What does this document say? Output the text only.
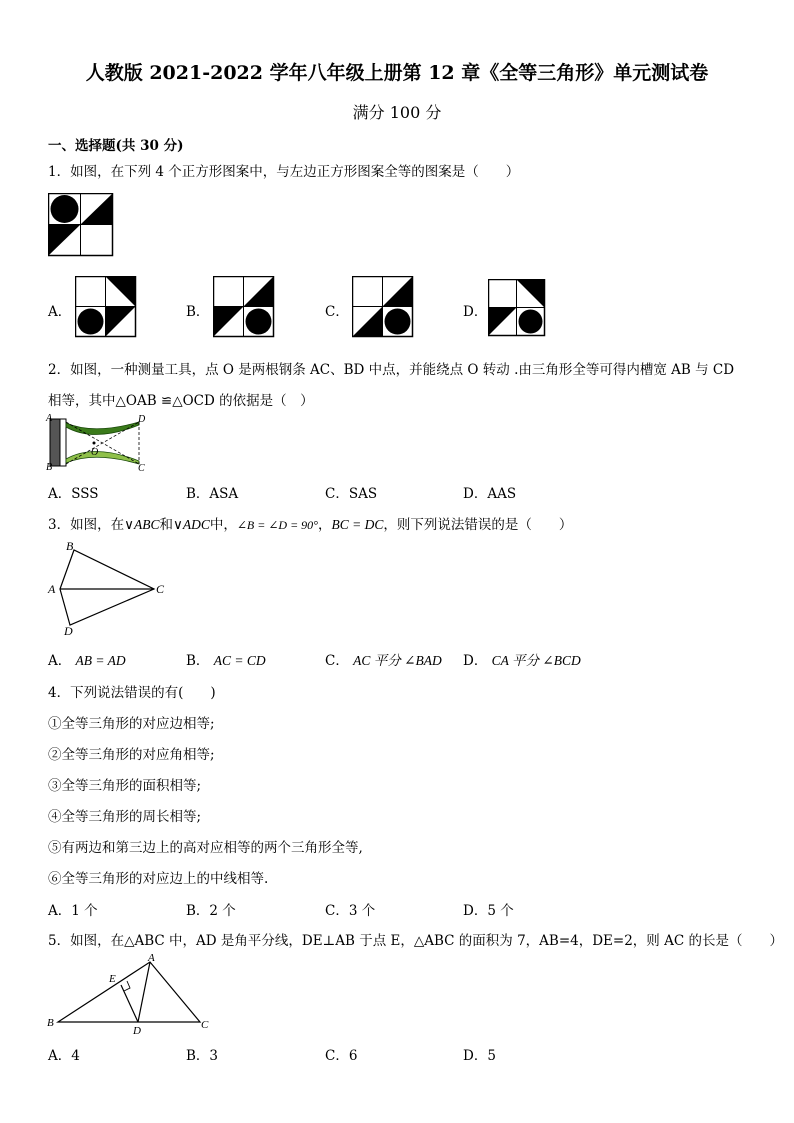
人教版 2021-2022 学年八年级上册第 12 章《全等三角形》单元测试卷
满分 100 分
一、选择题(共 30 分)
1．如图，在下列 4 个正方形图案中，与左边正方形图案全等的图案是（　　）
A．	B．	C．	D．
2．如图，一种测量工具，点 O 是两根钢条 AC、BD 中点，并能绕点 O 转动 .由三角形全等可得内槽宽 AB 与 CD
相等，其中△OAB ≌△OCD 的依据是（　）
A
B
O
D
C
A．SSS	B．ASA	C．SAS	D．AAS
3．如图，在∨ABC和∨ADC中，∠B = ∠D = 90°，BC = DC，则下列说法错误的是（　　）
B
A	C
D
A． AB = AD	B． AC = CD	C． AC 平分 ∠BAD D． CA 平分 ∠BCD
4．下列说法错误的有(　　)
①全等三角形的对应边相等;
②全等三角形的对应角相等;
③全等三角形的面积相等;
④全等三角形的周长相等;
⑤有两边和第三边上的高对应相等的两个三角形全等,
⑥全等三角形的对应边上的中线相等.
A．1 个	B．2 个	C．3 个	D．5 个
5．如图，在△ABC 中，AD 是角平分线，DE⊥AB 于点 E，△ABC 的面积为 7，AB=4，DE=2，则 AC 的长是（　　）
A
E
B
D	C
A．4	B．3	C．6	D．5
